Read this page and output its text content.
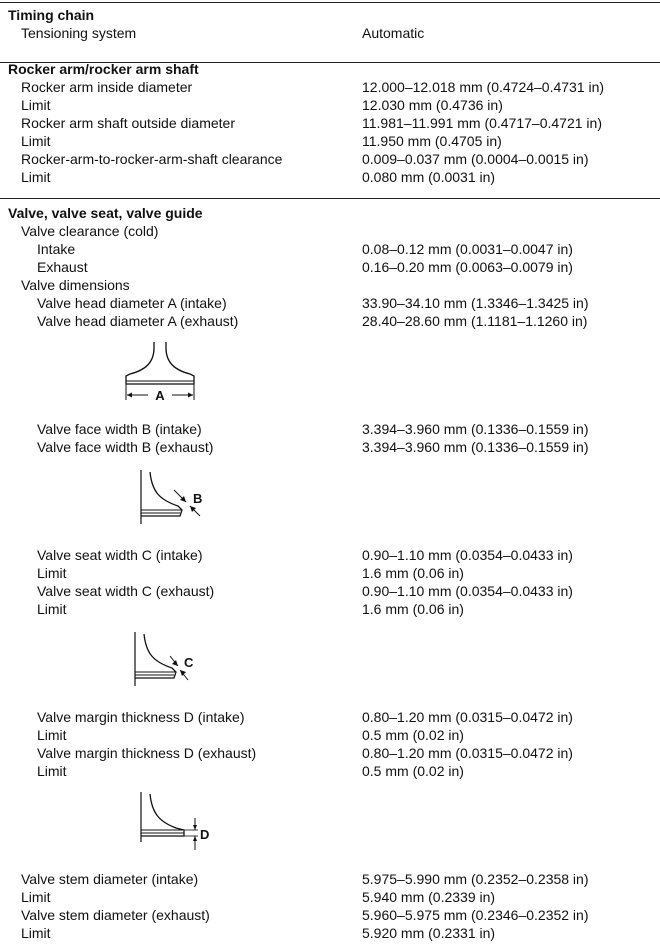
Timing chain
Tensioning system	Automatic
Rocker arm/rocker arm shaft
Rocker arm inside diameter	12.000–12.018 mm (0.4724–0.4731 in)
Limit	12.030 mm (0.4736 in)
Rocker arm shaft outside diameter	11.981–11.991 mm (0.4717–0.4721 in)
Limit	11.950 mm (0.4705 in)
Rocker-arm-to-rocker-arm-shaft clearance	0.009–0.037 mm (0.0004–0.0015 in)
Limit	0.080 mm (0.0031 in)
Valve, valve seat, valve guide
Valve clearance (cold)
Intake	0.08–0.12 mm (0.0031–0.0047 in)
Exhaust	0.16–0.20 mm (0.0063–0.0079 in)
Valve dimensions
Valve head diameter A (intake)	33.90–34.10 mm (1.3346–1.3425 in)
Valve head diameter A (exhaust)	28.40–28.60 mm (1.1181–1.1260 in)
A
Valve face width B (intake)	3.394–3.960 mm (0.1336–0.1559 in)
Valve face width B (exhaust)	3.394–3.960 mm (0.1336–0.1559 in)
B
Valve seat width C (intake)	0.90–1.10 mm (0.0354–0.0433 in)
Limit	1.6 mm (0.06 in)
Valve seat width C (exhaust)	0.90–1.10 mm (0.0354–0.0433 in)
Limit	1.6 mm (0.06 in)
C
Valve margin thickness D (intake)	0.80–1.20 mm (0.0315–0.0472 in)
Limit	0.5 mm (0.02 in)
Valve margin thickness D (exhaust)	0.80–1.20 mm (0.0315–0.0472 in)
Limit	0.5 mm (0.02 in)
D
Valve stem diameter (intake)	5.975–5.990 mm (0.2352–0.2358 in)
Limit	5.940 mm (0.2339 in)
Valve stem diameter (exhaust)	5.960–5.975 mm (0.2346–0.2352 in)
Limit	5.920 mm (0.2331 in)
